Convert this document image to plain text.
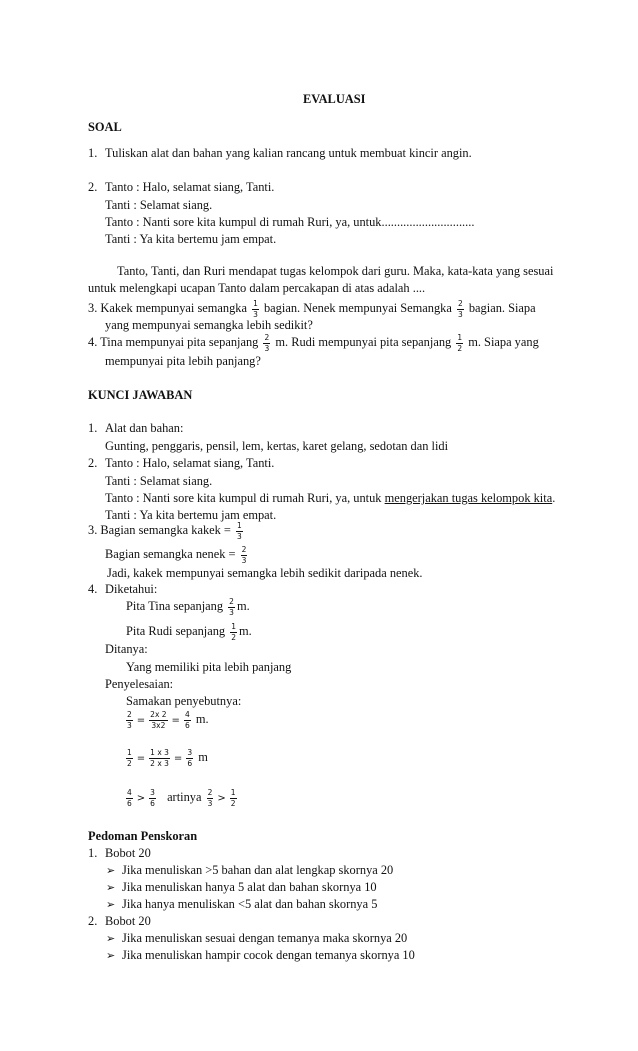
EVALUASI
SOAL
1. Tuliskan alat dan bahan yang kalian rancang untuk membuat kincir angin.
2. Tanto : Halo, selamat siang, Tanti.
Tanti : Selamat siang.
Tanto : Nanti sore kita kumpul di rumah Ruri, ya, untuk..............................
Tanti : Ya kita bertemu jam empat.
Tanto, Tanti, dan Ruri mendapat tugas kelompok dari guru. Maka, kata-kata yang sesuai
untuk melengkapi ucapan Tanto dalam percakapan di atas adalah ....
3. Kakek mempunyai semangka $\frac{1}{3}$ bagian. Nenek mempunyai Semangka $\frac{2}{3}$ bagian. Siapa
yang mempunyai semangka lebih sedikit?
4. Tina mempunyai pita sepanjang $\frac{2}{3} m$. Rudi mempunyai pita sepanjang $\frac{1}{2} m$. Siapa yang
mempunyai pita lebih panjang?
KUNCI JAWABAN
1. Alat dan bahan:
Gunting, penggaris, pensil, lem, kertas, karet gelang, sedotan dan lidi
2. Tanto : Halo, selamat siang, Tanti.
Tanti : Selamat siang.
Tanto : Nanti sore kita kumpul di rumah Ruri, ya, untuk mengerjakan tugas kelompok kita.
Tanti : Ya kita bertemu jam empat.
3. Bagian semangka kakek = $\frac{1}{3}$
Bagian semangka nenek = $\frac{2}{3}$
Jadi, kakek mempunyai semangka lebih sedikit daripada nenek.
4. Diketahui:
Pita Tina sepanjang $\frac{2}{3} m$.
Pita Rudi sepanjang $\frac{1}{2} m$.
Ditanya:
Yang memiliki pita lebih panjang
Penyelesaian:
Samakan penyebutnya:
$\frac{2}{3} = \frac{2x 2}{3x2} = \frac{4}{6} m$.
$\frac{1}{2} = \frac{1 x 3}{2 x 3} = \frac{3}{6}$ m
$\frac{4}{6} > \frac{3}{6}$ artinya $\frac{2}{3} > \frac{1}{2}$
Pedoman Penskoran
1. Bobot 20
➢ Jika menuliskan >5 bahan dan alat lengkap skornya 20
➢ Jika menuliskan hanya 5 alat dan bahan skornya 10
➢ Jika hanya menuliskan <5 alat dan bahan skornya 5
2. Bobot 20
➢ Jika menuliskan sesuai dengan temanya maka skornya 20
➢ Jika menuliskan hampir cocok dengan temanya skornya 10
